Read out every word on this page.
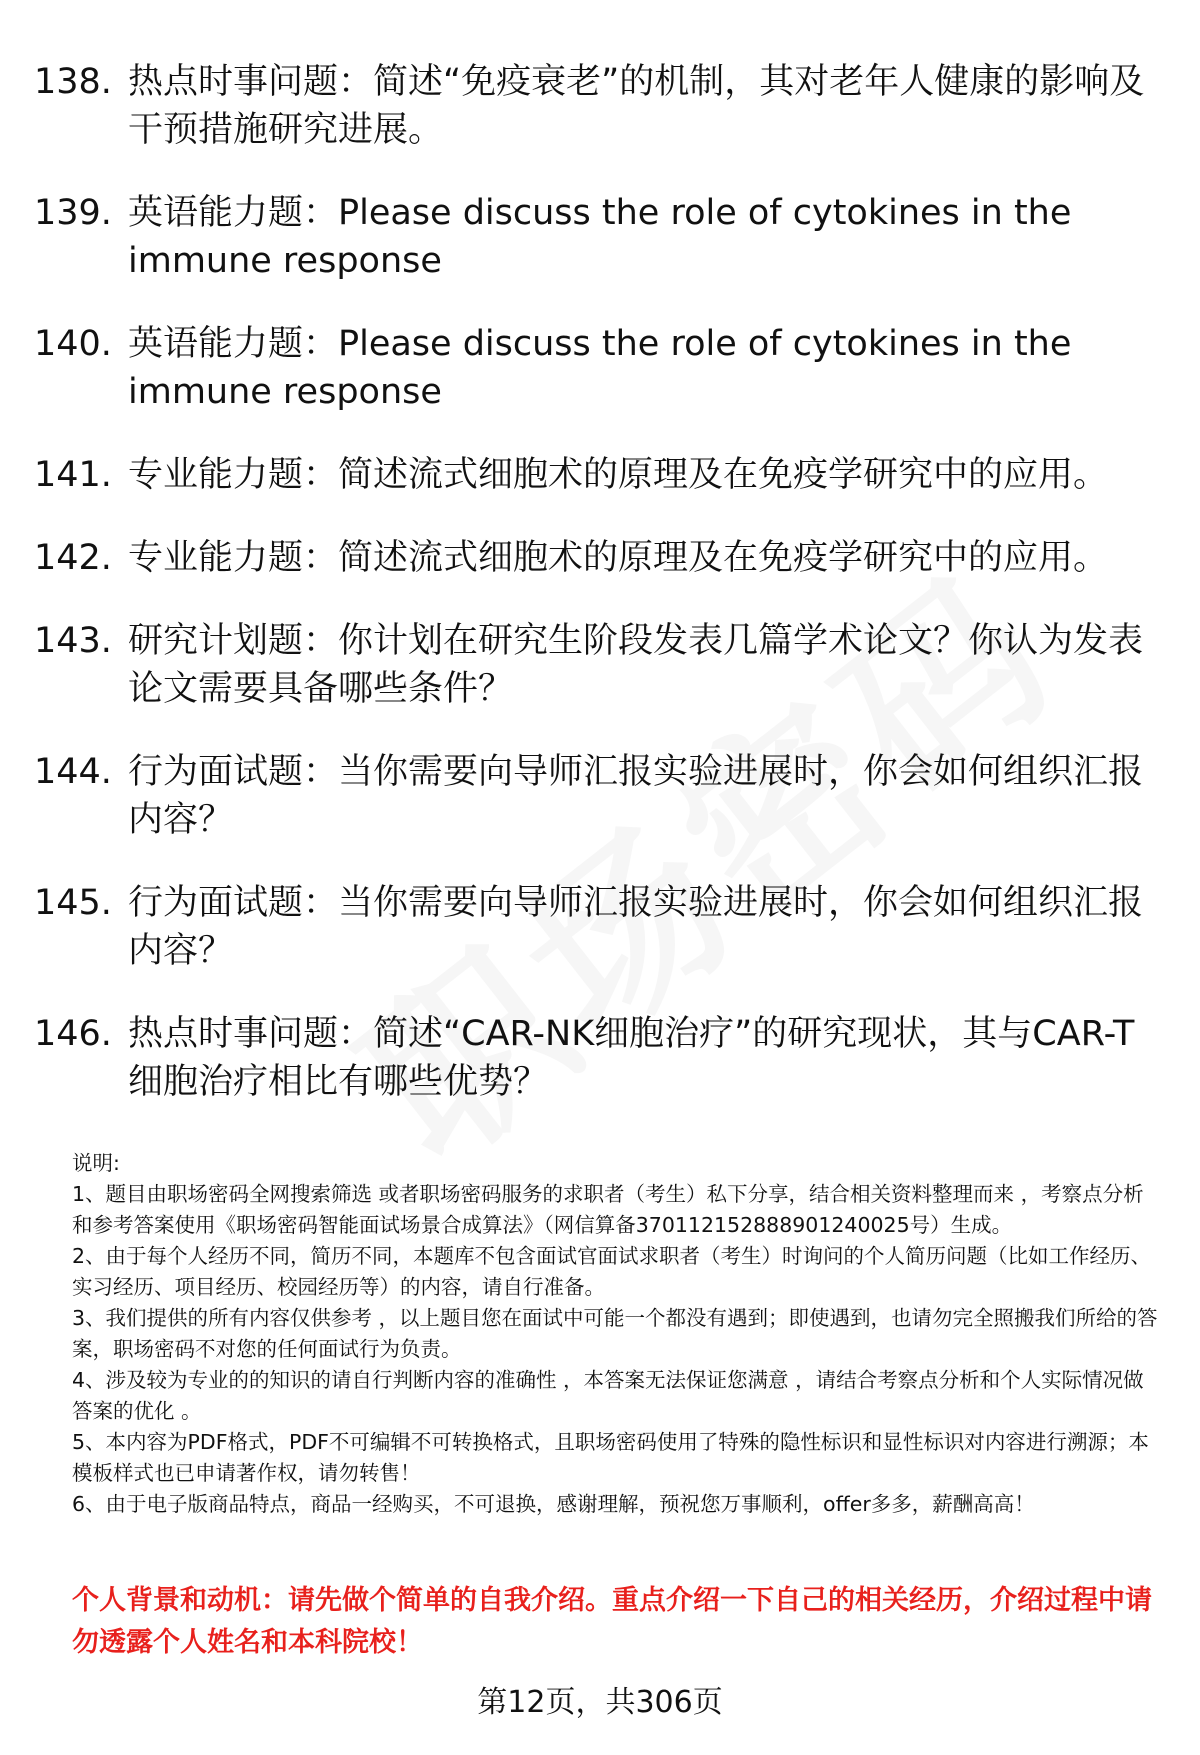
138. 热点时事问题：简述“免疫衰老”的机制，其对老年人健康的影响及干预措施研究进展。
139. 英语能力题：Please discuss the role of cytokines in the immune response
140. 英语能力题：Please discuss the role of cytokines in the immune response
141. 专业能力题：简述流式细胞术的原理及在免疫学研究中的应用。
142. 专业能力题：简述流式细胞术的原理及在免疫学研究中的应用。
143. 研究计划题：你计划在研究生阶段发表几篇学术论文？你认为发表论文需要具备哪些条件？
144. 行为面试题：当你需要向导师汇报实验进展时，你会如何组织汇报内容？
145. 行为面试题：当你需要向导师汇报实验进展时，你会如何组织汇报内容？
146. 热点时事问题：简述“CAR-NK细胞治疗”的研究现状，其与CAR-T细胞治疗相比有哪些优势？

说明:

1、题目由职场密码全网搜索筛选 或者职场密码服务的求职者（考生）私下分享，结合相关资料整理而来 ，考察点分析和参考答案使用《职场密码智能面试场景合成算法》（网信算备370112152888901240025号）生成。

2、由于每个人经历不同，简历不同，本题库不包含面试官面试求职者（考生）时询问的个人简历问题（比如工作经历、实习经历、项目经历、校园经历等）的内容，请自行准备。

3、我们提供的所有内容仅供参考 ，以上题目您在面试中可能一个都没有遇到；即使遇到，也请勿完全照搬我们所给的答案，职场密码不对您的任何面试行为负责。

4、涉及较为专业的的知识的请自行判断内容的准确性 ，本答案无法保证您满意 ，请结合考察点分析和个人实际情况做答案的优化 。

5、本内容为PDF格式，PDF不可编辑不可转换格式，且职场密码使用了特殊的隐性标识和显性标识对内容进行溯源；本模板样式也已申请著作权，请勿转售！

6、由于电子版商品特点，商品一经购买，不可退换，感谢理解，预祝您万事顺利，offer多多，薪酬高高！

个人背景和动机：请先做个简单的自我介绍。重点介绍一下自己的相关经历，介绍过程中请勿透露个人姓名和本科院校！
第12页，共306页
